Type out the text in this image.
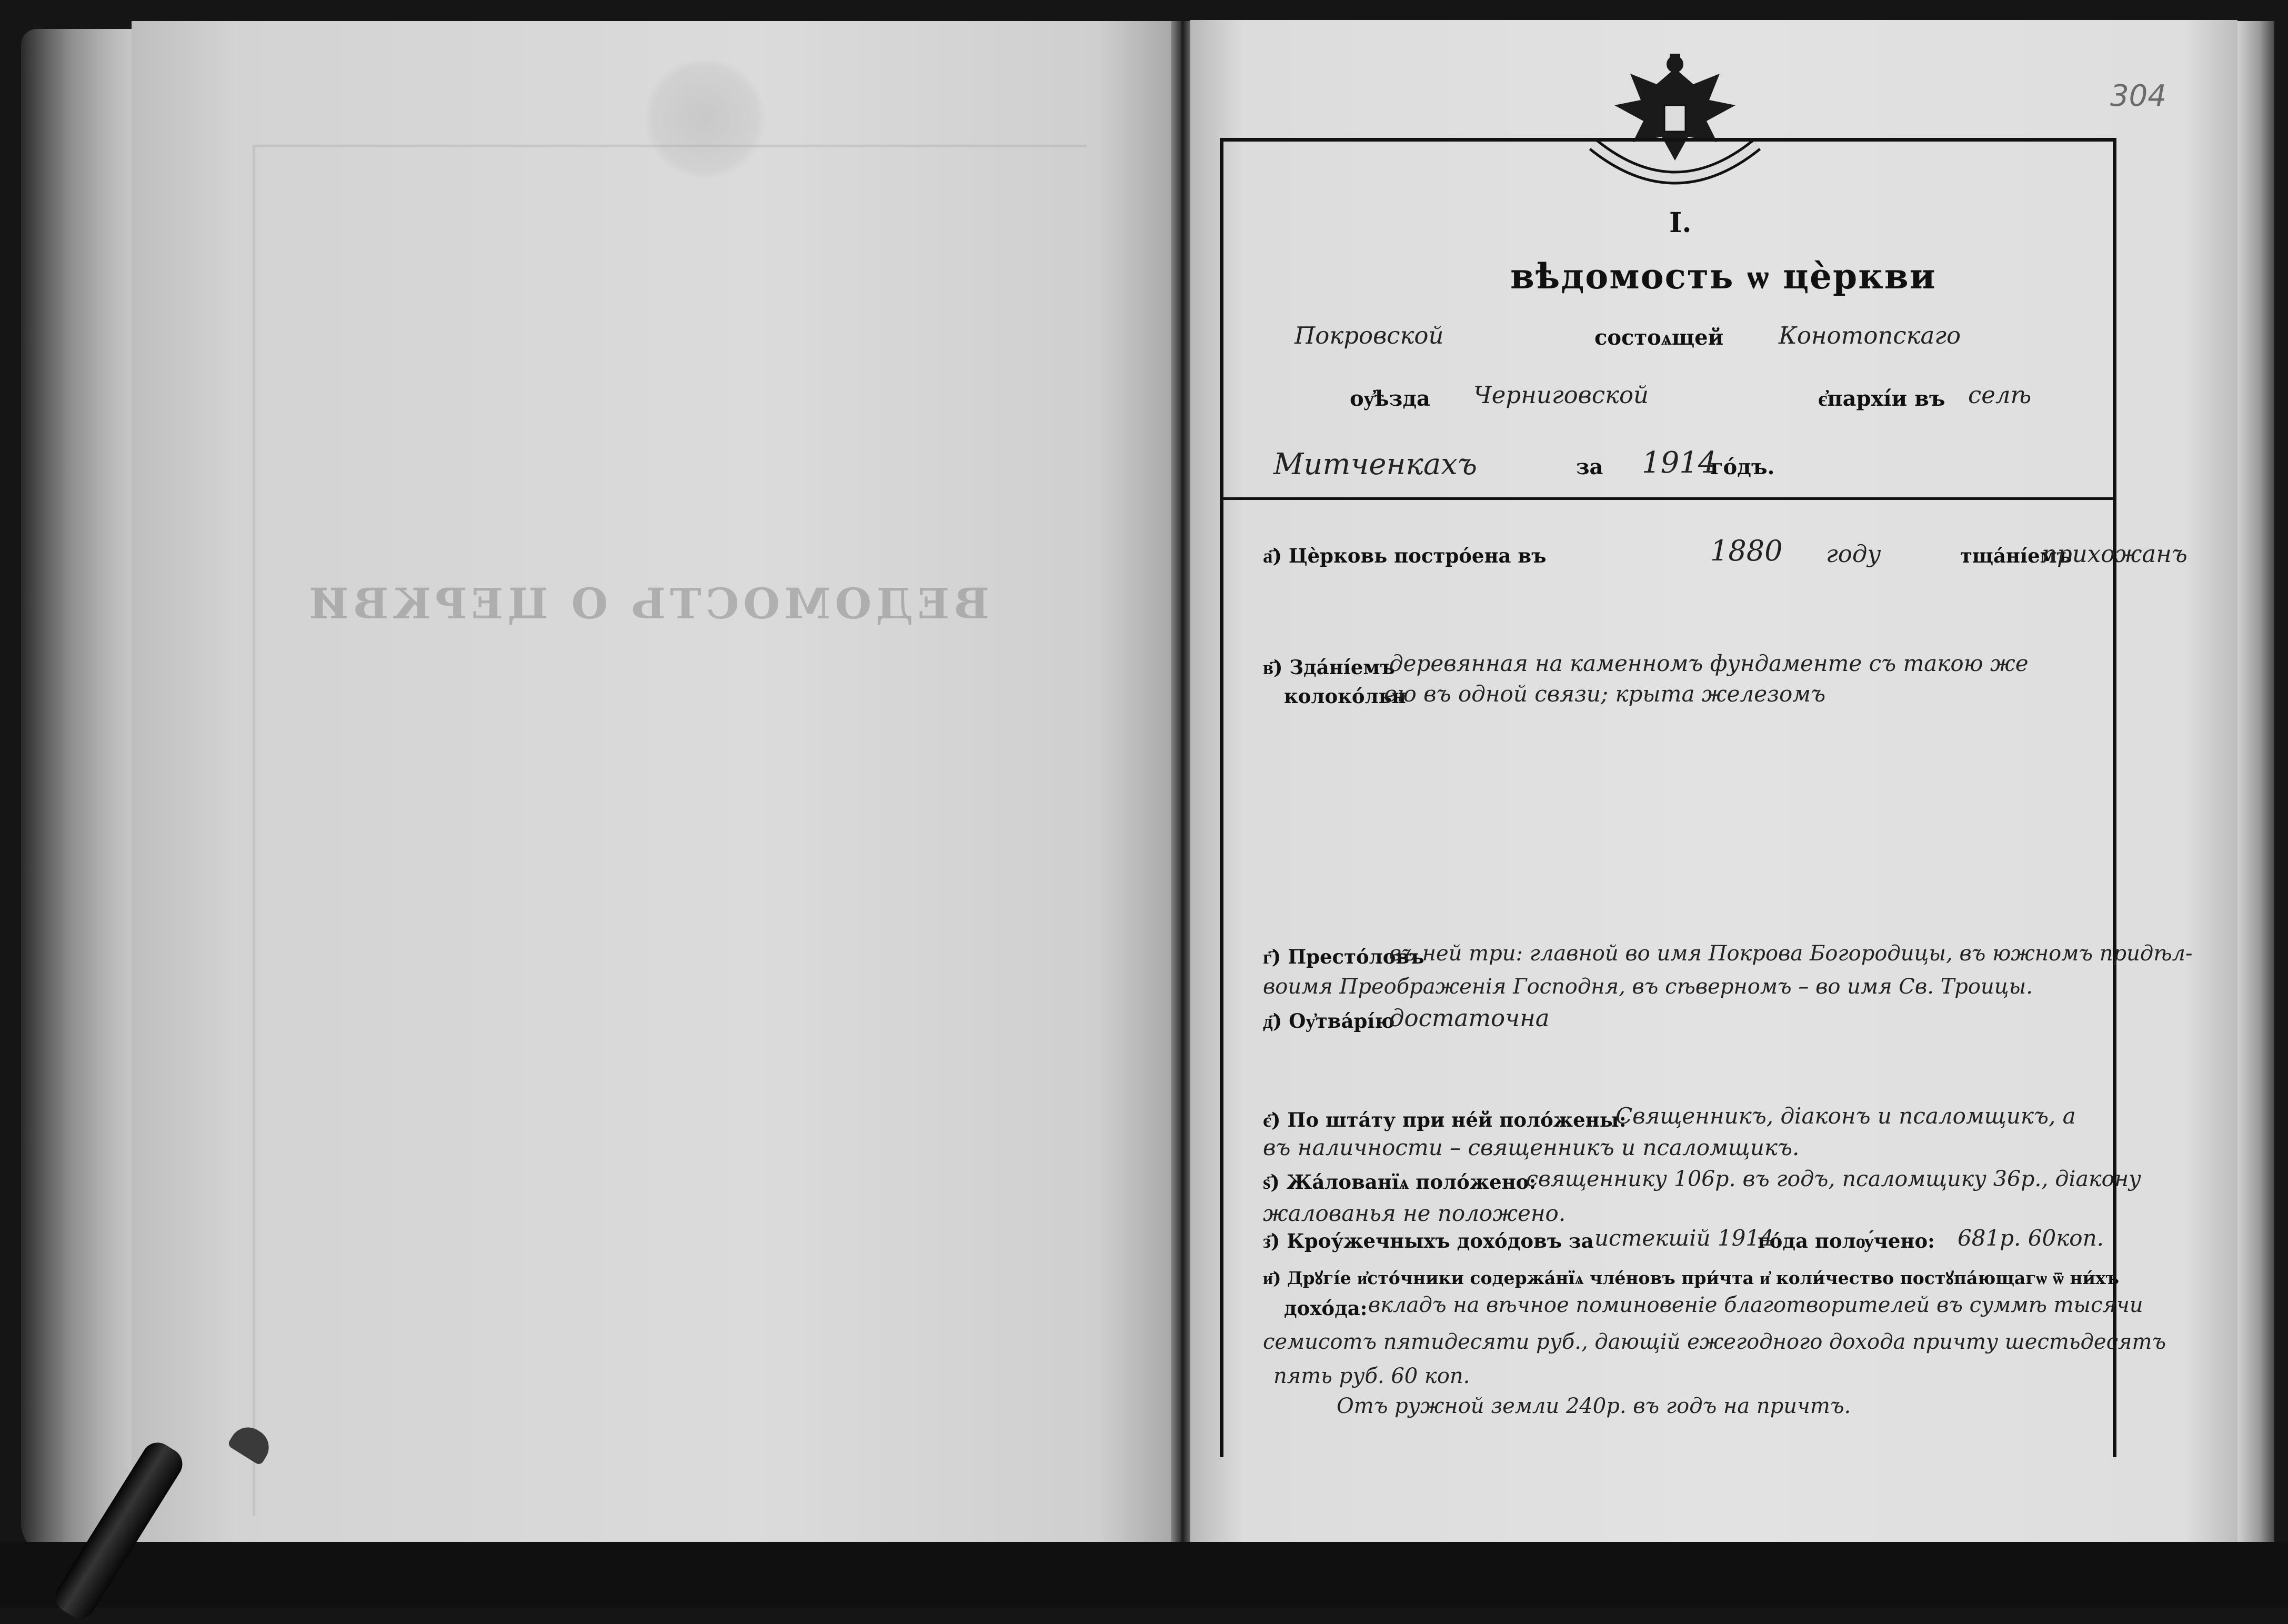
ВЕДОМОСТЬ О ЦЕРКВИ
304
I.
вѣдомость ѡ цѐркви
Покровской	состоѧщей Конотопскаго
оу҆ѣзда Черниговской	є҆пархі́и въ селѣ
Митченкахъ	за 1914
го́дъ.
а҃) Цѐрковь постро́ена въ	1880 году	тща́ні́емъ
прихожанъ
в҃) Зда́ні́емъ
деревянная на каменномъ фундаменте съ такою же
колоко́льн
ею въ одной связи; крыта железомъ
г҃) Престо́ловъ
въ ней три: главной во имя Покрова Богородицы, въ южномъ придѣл-
воимя Преображенія Господня, въ сѣверномъ – во имя Св. Троицы.
д҃) Оу҆тва́рі́ю
достаточна
є҃) По шта́ту при не́й поло́жены:
Священникъ, діаконъ и псаломщикъ, а
въ наличности – священникъ и псаломщикъ.
ѕ҃) Жа́лованїѧ поло́жено:
священнику 106р. въ годъ, псаломщику 36р., діакону
жалованья не положено.
з҃) Кроу́жечныхъ дохо́довъ за истекшій 1914
го́да полѹ́чено: 681р. 60коп.
и҃) Дрꙋгі́е и҆сто́чники содержа́нїѧ чле́новъ при́чта и҆ коли́чество постꙋпа́ющагѡ ѿ ни́хъ
дохо́да: вкладъ на вѣчное поминовеніе благотворителей въ суммѣ тысячи
семисотъ пятидесяти руб., дающій ежегодного дохода причту шестьдесятъ
пять руб. 60 коп.
Отъ ружной земли 240р. въ годъ на причтъ.
